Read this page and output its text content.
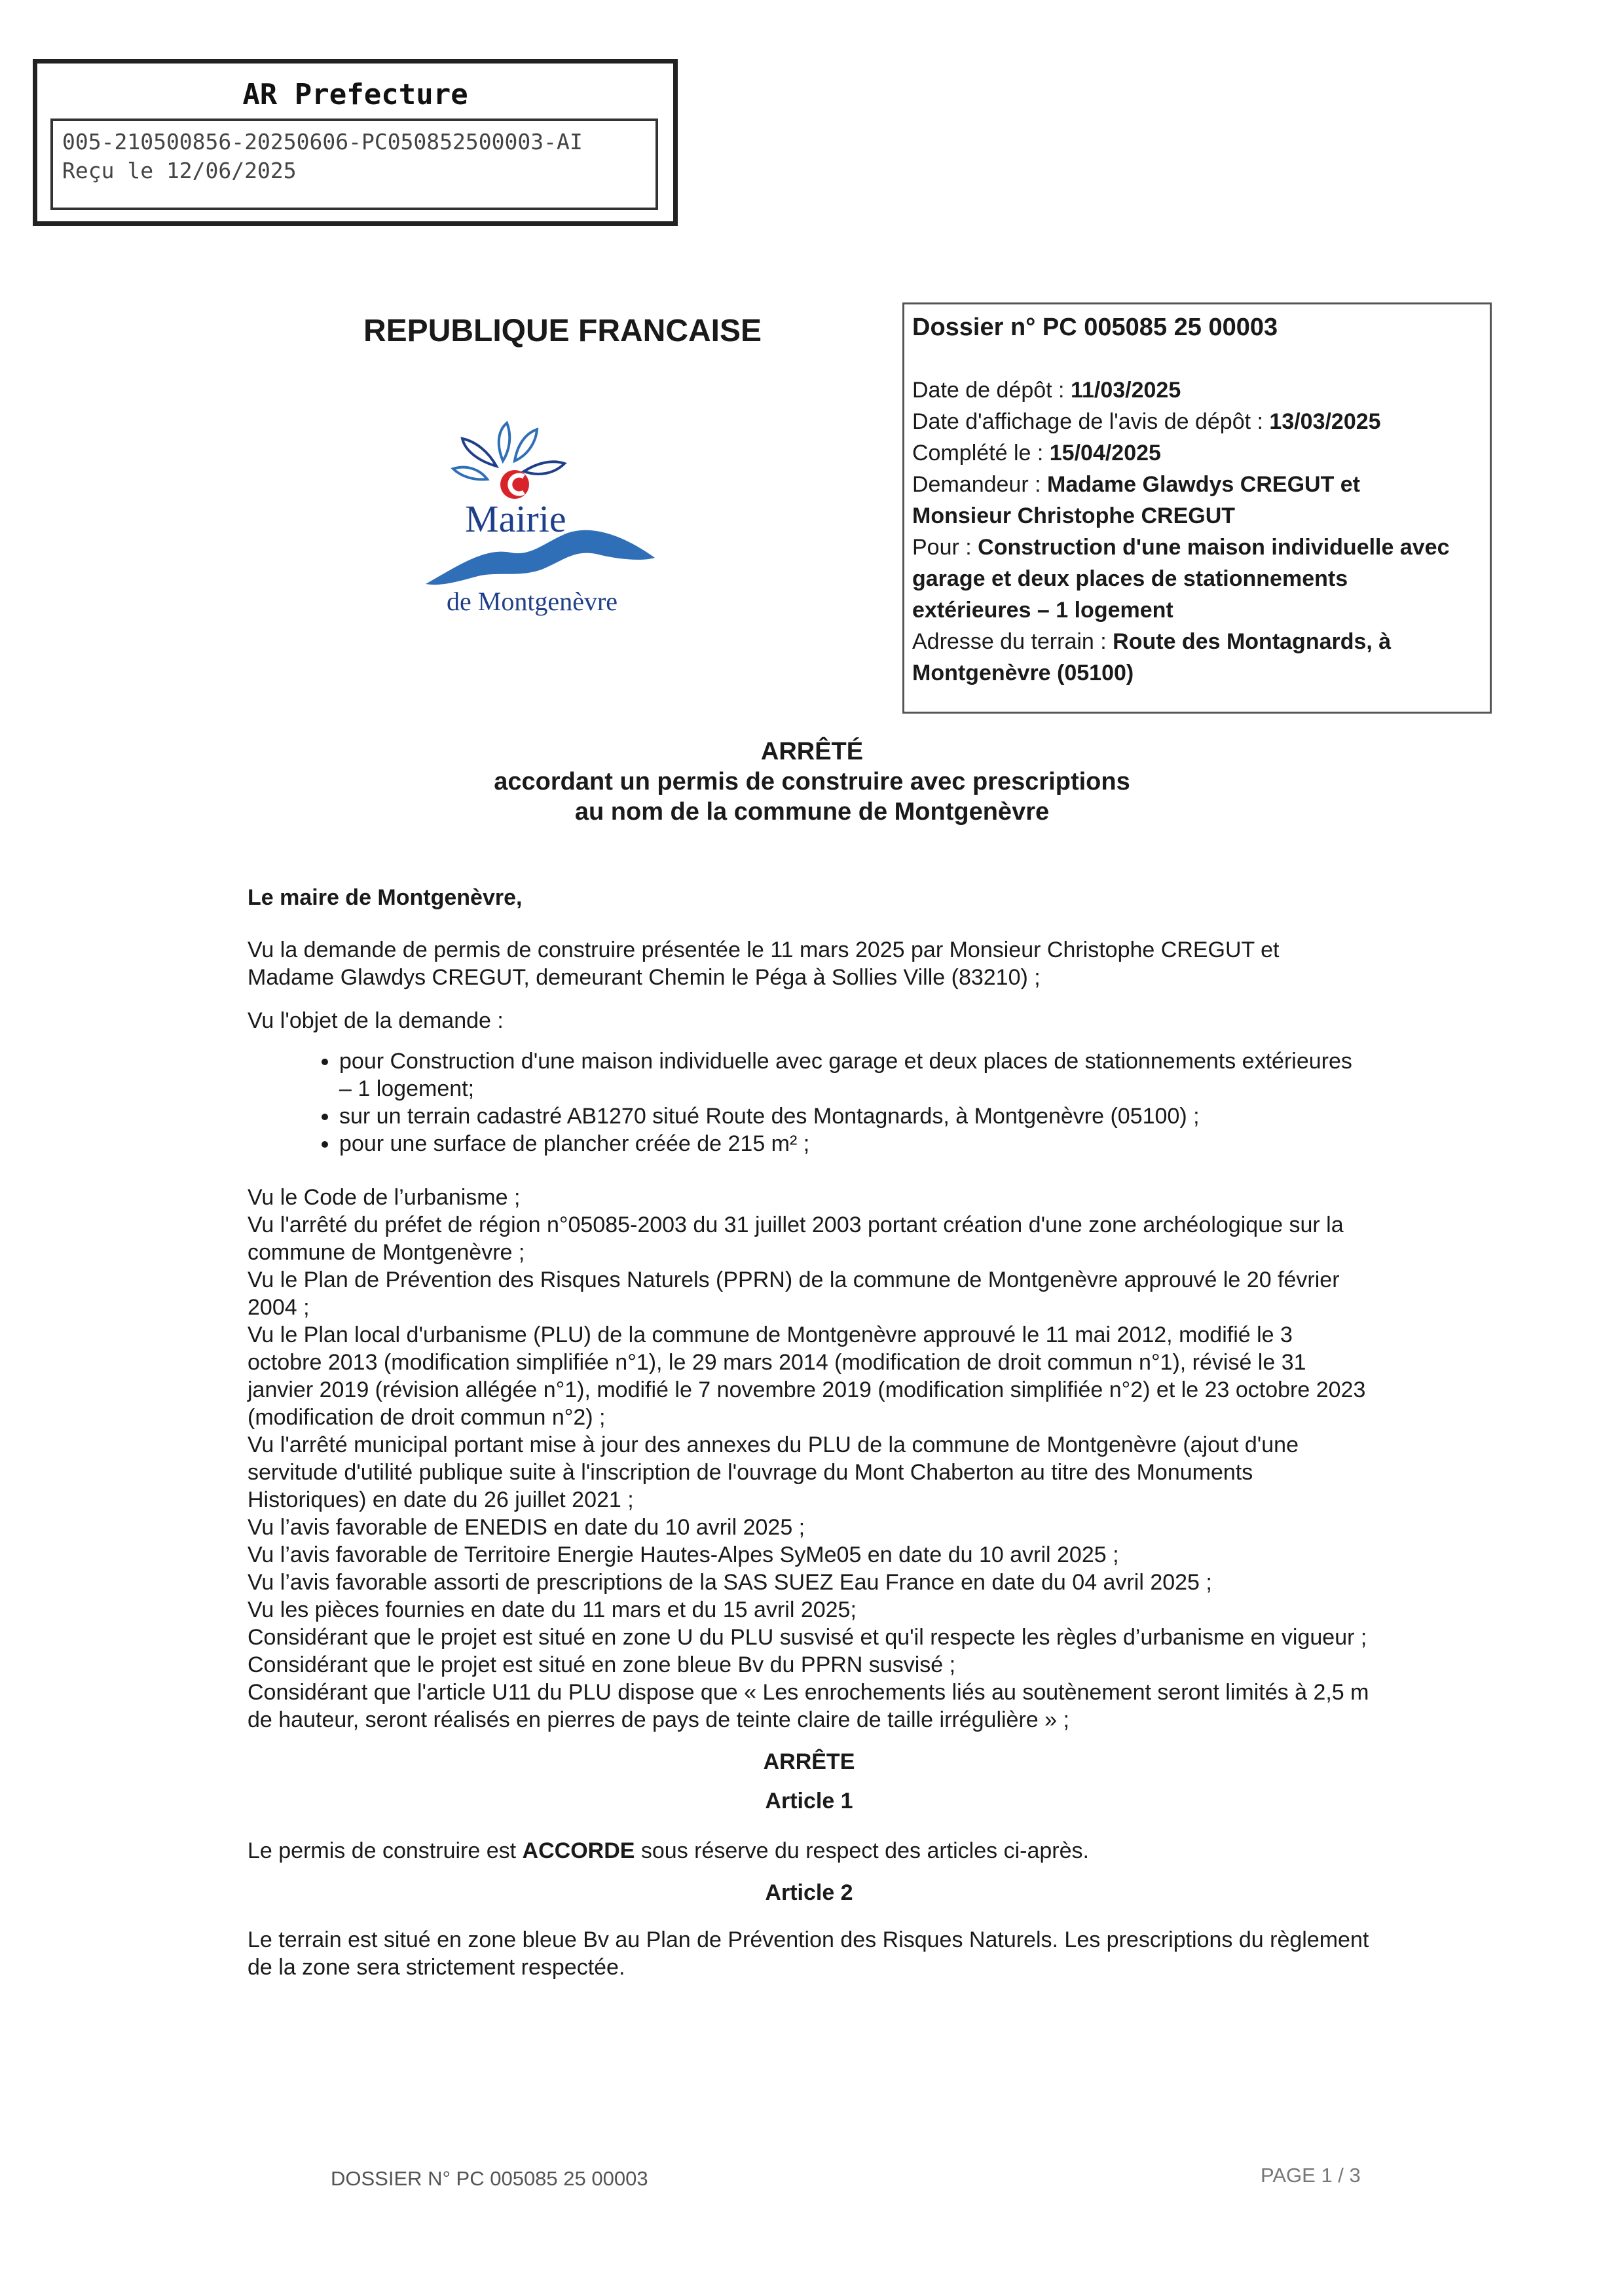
AR Prefecture
005-210500856-20250606-PC050852500003-AI
Reçu le 12/06/2025
REPUBLIQUE FRANCAISE
Mairie
de Montgenèvre
Dossier n° PC 005085 25 00003
Date de dépôt : 11/03/2025
Date d'affichage de l'avis de dépôt : 13/03/2025
Complété le : 15/04/2025
Demandeur : Madame Glawdys CREGUT et
Monsieur Christophe CREGUT
Pour : Construction d'une maison individuelle avec
garage et deux places de stationnements
extérieures – 1 logement
Adresse du terrain : Route des Montagnards, à
Montgenèvre (05100)
ARRÊTÉ
accordant un permis de construire avec prescriptions
au nom de la commune de Montgenèvre

Le maire de Montgenèvre,

Vu la demande de permis de construire présentée le 11 mars 2025 par Monsieur Christophe CREGUT et Madame Glawdys CREGUT, demeurant Chemin le Péga à Sollies Ville (83210) ;

Vu l'objet de la demande :

• pour Construction d'une maison individuelle avec garage et deux places de stationnements extérieures – 1 logement;
• sur un terrain cadastré AB1270 situé Route des Montagnards, à Montgenèvre (05100) ;
• pour une surface de plancher créée de 215 m² ;

Vu le Code de l’urbanisme ;

Vu l'arrêté du préfet de région n°05085-2003 du 31 juillet 2003 portant création d'une zone archéologique sur la commune de Montgenèvre ;

Vu le Plan de Prévention des Risques Naturels (PPRN) de la commune de Montgenèvre approuvé le 20 février 2004 ;

Vu le Plan local d'urbanisme (PLU) de la commune de Montgenèvre approuvé le 11 mai 2012, modifié le 3 octobre 2013 (modification simplifiée n°1), le 29 mars 2014 (modification de droit commun n°1), révisé le 31 janvier 2019 (révision allégée n°1), modifié le 7 novembre 2019 (modification simplifiée n°2) et le 23 octobre 2023 (modification de droit commun n°2) ;

Vu l'arrêté municipal portant mise à jour des annexes du PLU de la commune de Montgenèvre (ajout d'une servitude d'utilité publique suite à l'inscription de l'ouvrage du Mont Chaberton au titre des Monuments Historiques) en date du 26 juillet 2021 ;

Vu l’avis favorable de ENEDIS en date du 10 avril 2025 ;

Vu l’avis favorable de Territoire Energie Hautes-Alpes SyMe05 en date du 10 avril 2025 ;

Vu l’avis favorable assorti de prescriptions de la SAS SUEZ Eau France en date du 04 avril 2025 ;

Vu les pièces fournies en date du 11 mars et du 15 avril 2025;

Considérant que le projet est situé en zone U du PLU susvisé et qu'il respecte les règles d’urbanisme en vigueur ;

Considérant que le projet est situé en zone bleue Bv du PPRN susvisé ;

Considérant que l'article U11 du PLU dispose que « Les enrochements liés au soutènement seront limités à 2,5 m de hauteur, seront réalisés en pierres de pays de teinte claire de taille irrégulière » ;

ARRÊTE

Article 1

Le permis de construire est ACCORDE sous réserve du respect des articles ci-après.

Article 2

Le terrain est situé en zone bleue Bv au Plan de Prévention des Risques Naturels. Les prescriptions du règlement de la zone sera strictement respectée.

DOSSIER N° PC 005085 25 00003	PAGE 1 / 3
